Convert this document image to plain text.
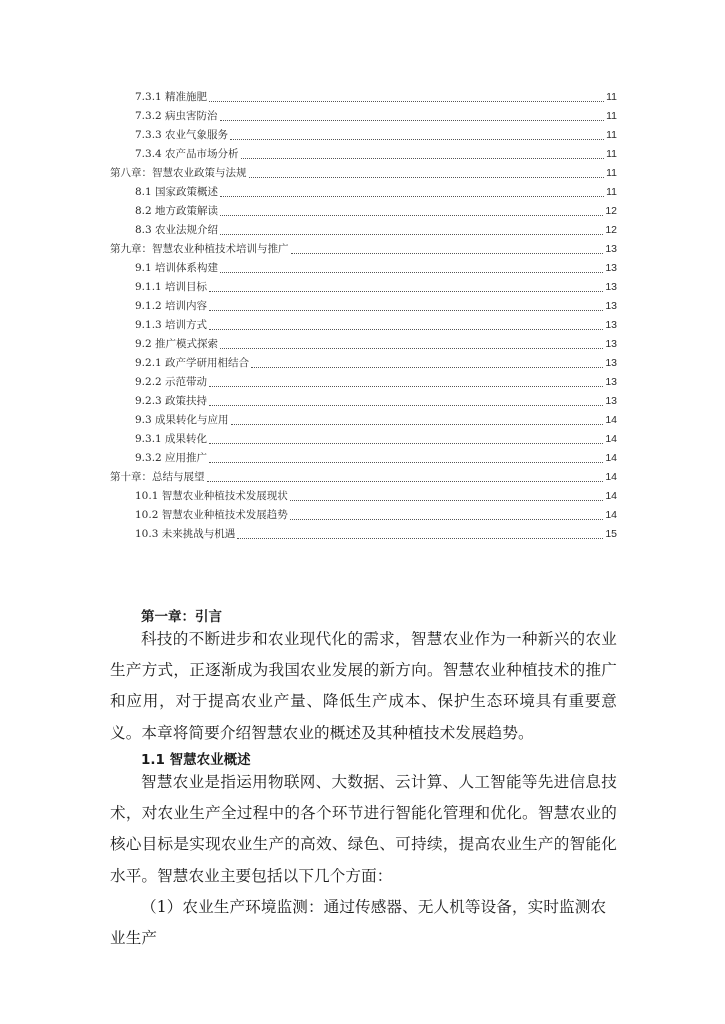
7.3.1 精准施肥	11
7.3.2 病虫害防治	11
7.3.3 农业气象服务	11
7.3.4 农产品市场分析	11
第八章：智慧农业政策与法规	11
8.1 国家政策概述	11
8.2 地方政策解读	12
8.3 农业法规介绍	12
第九章：智慧农业种植技术培训与推广	13
9.1 培训体系构建	13
9.1.1 培训目标	13
9.1.2 培训内容	13
9.1.3 培训方式	13
9.2 推广模式探索	13
9.2.1 政产学研用相结合	13
9.2.2 示范带动	13
9.2.3 政策扶持	13
9.3 成果转化与应用	14
9.3.1 成果转化	14
9.3.2 应用推广	14
第十章：总结与展望	14
10.1 智慧农业种植技术发展现状	14
10.2 智慧农业种植技术发展趋势	14
10.3 未来挑战与机遇	15
第一章：引言

科技的不断进步和农业现代化的需求，智慧农业作为一种新兴的农业生产方式，正逐渐成为我国农业发展的新方向。智慧农业种植技术的推广和应用，对于提高农业产量、降低生产成本、保护生态环境具有重要意义。本章将简要介绍智慧农业的概述及其种植技术发展趋势。

1.1 智慧农业概述

智慧农业是指运用物联网、大数据、云计算、人工智能等先进信息技术，对农业生产全过程中的各个环节进行智能化管理和优化。智慧农业的核心目标是实现农业生产的高效、绿色、可持续，提高农业生产的智能化水平。智慧农业主要包括以下几个方面：

（1）农业生产环境监测：通过传感器、无人机等设备，实时监测农业生产
